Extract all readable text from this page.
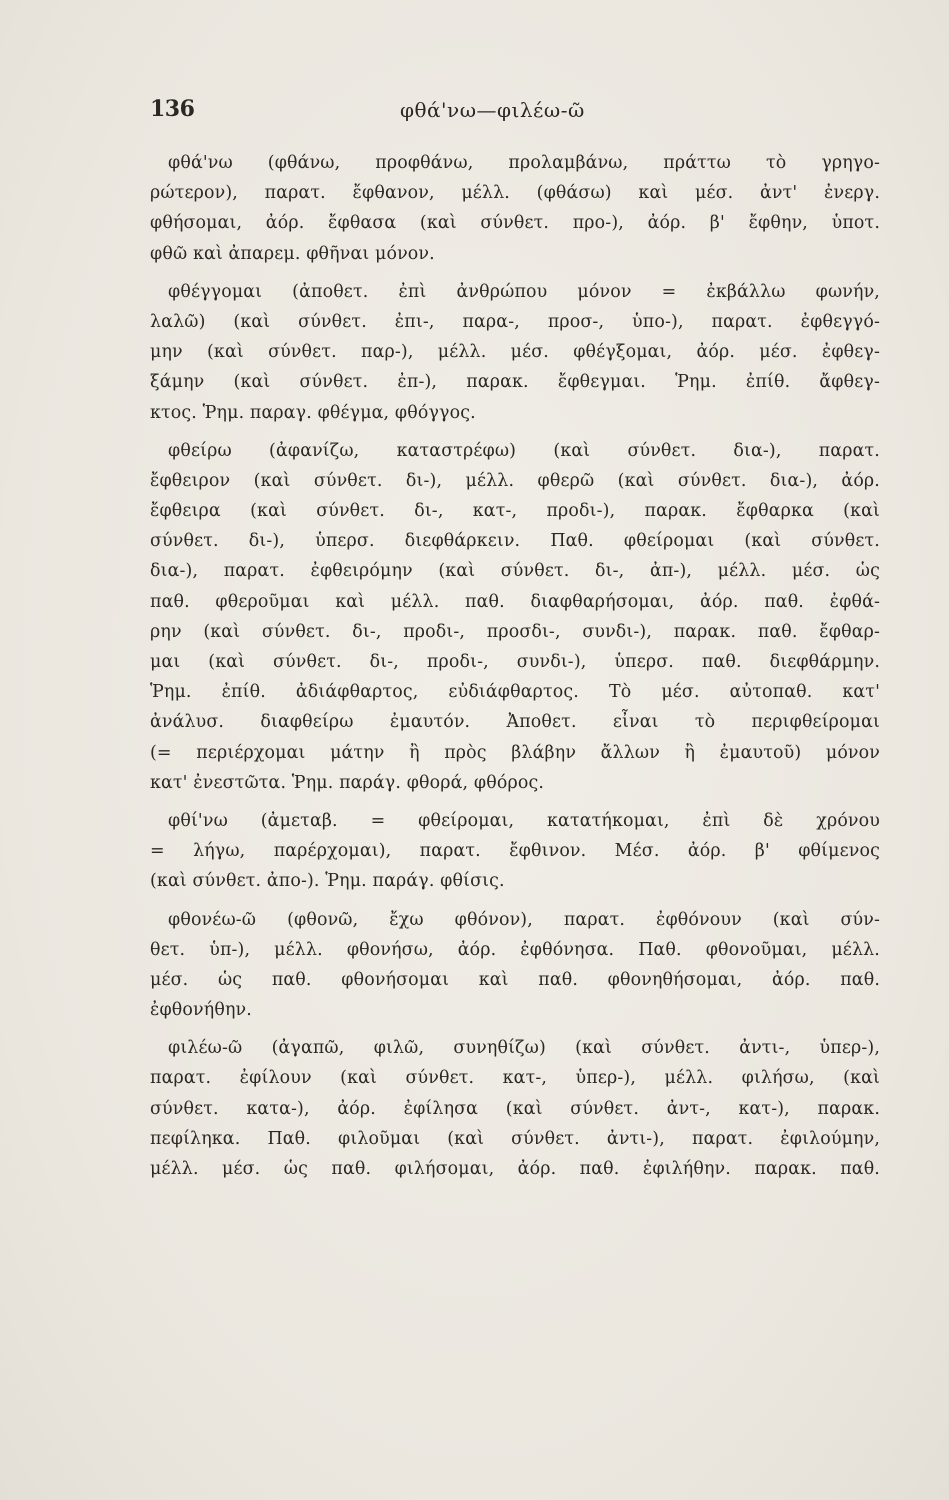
136	φθά'νω—φιλέω-ῶ
φθά'νω (φθάνω, προφθάνω, προλαμβάνω, πράττω τὸ γρηγο-
ρώτερον), παρατ. ἔφθανον, μέλλ. (φθάσω) καὶ μέσ. ἀντ' ἐνεργ.
φθήσομαι, ἀόρ. ἔφθασα (καὶ σύνθετ. προ-), ἀόρ. β' ἔφθην, ὑποτ.
φθῶ καὶ ἀπαρεμ. φθῆναι μόνον.
φθέγγομαι (ἀποθετ. ἐπὶ ἀνθρώπου μόνον = ἐκβάλλω φωνήν,
λαλῶ) (καὶ σύνθετ. ἐπι-, παρα-, προσ-, ὑπο-), παρατ. ἐφθεγγό-
μην (καὶ σύνθετ. παρ-), μέλλ. μέσ. φθέγξομαι, ἀόρ. μέσ. ἐφθεγ-
ξάμην (καὶ σύνθετ. ἐπ-), παρακ. ἔφθεγμαι. Ῥημ. ἐπίθ. ἄφθεγ-
κτος. Ῥημ. παραγ. φθέγμα, φθόγγος.
φθείρω (ἀφανίζω, καταστρέφω) (καὶ σύνθετ. δια-), παρατ.
ἔφθειρον (καὶ σύνθετ. δι-), μέλλ. φθερῶ (καὶ σύνθετ. δια-), ἀόρ.
ἔφθειρα (καὶ σύνθετ. δι-, κατ-, προδι-), παρακ. ἔφθαρκα (καὶ
σύνθετ. δι-), ὑπερσ. διεφθάρκειν. Παθ. φθείρομαι (καὶ σύνθετ.
δια-), παρατ. ἐφθειρόμην (καὶ σύνθετ. δι-, ἀπ-), μέλλ. μέσ. ὡς
παθ. φθεροῦμαι καὶ μέλλ. παθ. διαφθαρήσομαι, ἀόρ. παθ. ἐφθά-
ρην (καὶ σύνθετ. δι-, προδι-, προσδι-, συνδι-), παρακ. παθ. ἔφθαρ-
μαι (καὶ σύνθετ. δι-, προδι-, συνδι-), ὑπερσ. παθ. διεφθάρμην.
Ῥημ. ἐπίθ. ἀδιάφθαρτος, εὐδιάφθαρτος. Τὸ μέσ. αὐτοπαθ. κατ'
ἀνάλυσ. διαφθείρω ἐμαυτόν. Ἀποθετ. εἶναι τὸ περιφθείρομαι
(= περιέρχομαι μάτην ἢ πρὸς βλάβην ἄλλων ἢ ἐμαυτοῦ) μόνον
κατ' ἐνεστῶτα. Ῥημ. παράγ. φθορά, φθόρος.
φθί'νω (ἀμεταβ. = φθείρομαι, κατατήκομαι, ἐπὶ δὲ χρόνου
= λήγω, παρέρχομαι), παρατ. ἔφθινον. Μέσ. ἀόρ. β' φθίμενος
(καὶ σύνθετ. ἀπο-). Ῥημ. παράγ. φθίσις.
φθονέω-ῶ (φθονῶ, ἔχω φθόνον), παρατ. ἐφθόνουν (καὶ σύν-
θετ. ὑπ-), μέλλ. φθονήσω, ἀόρ. ἐφθόνησα. Παθ. φθονοῦμαι, μέλλ.
μέσ. ὡς παθ. φθονήσομαι καὶ παθ. φθονηθήσομαι, ἀόρ. παθ.
ἐφθονήθην.
φιλέω-ῶ (ἀγαπῶ, φιλῶ, συνηθίζω) (καὶ σύνθετ. ἀντι-, ὑπερ-),
παρατ. ἐφίλουν (καὶ σύνθετ. κατ-, ὑπερ-), μέλλ. φιλήσω, (καὶ
σύνθετ. κατα-), ἀόρ. ἐφίλησα (καὶ σύνθετ. ἀντ-, κατ-), παρακ.
πεφίληκα. Παθ. φιλοῦμαι (καὶ σύνθετ. ἀντι-), παρατ. ἐφιλούμην,
μέλλ. μέσ. ὡς παθ. φιλήσομαι, ἀόρ. παθ. ἐφιλήθην. παρακ. παθ.
